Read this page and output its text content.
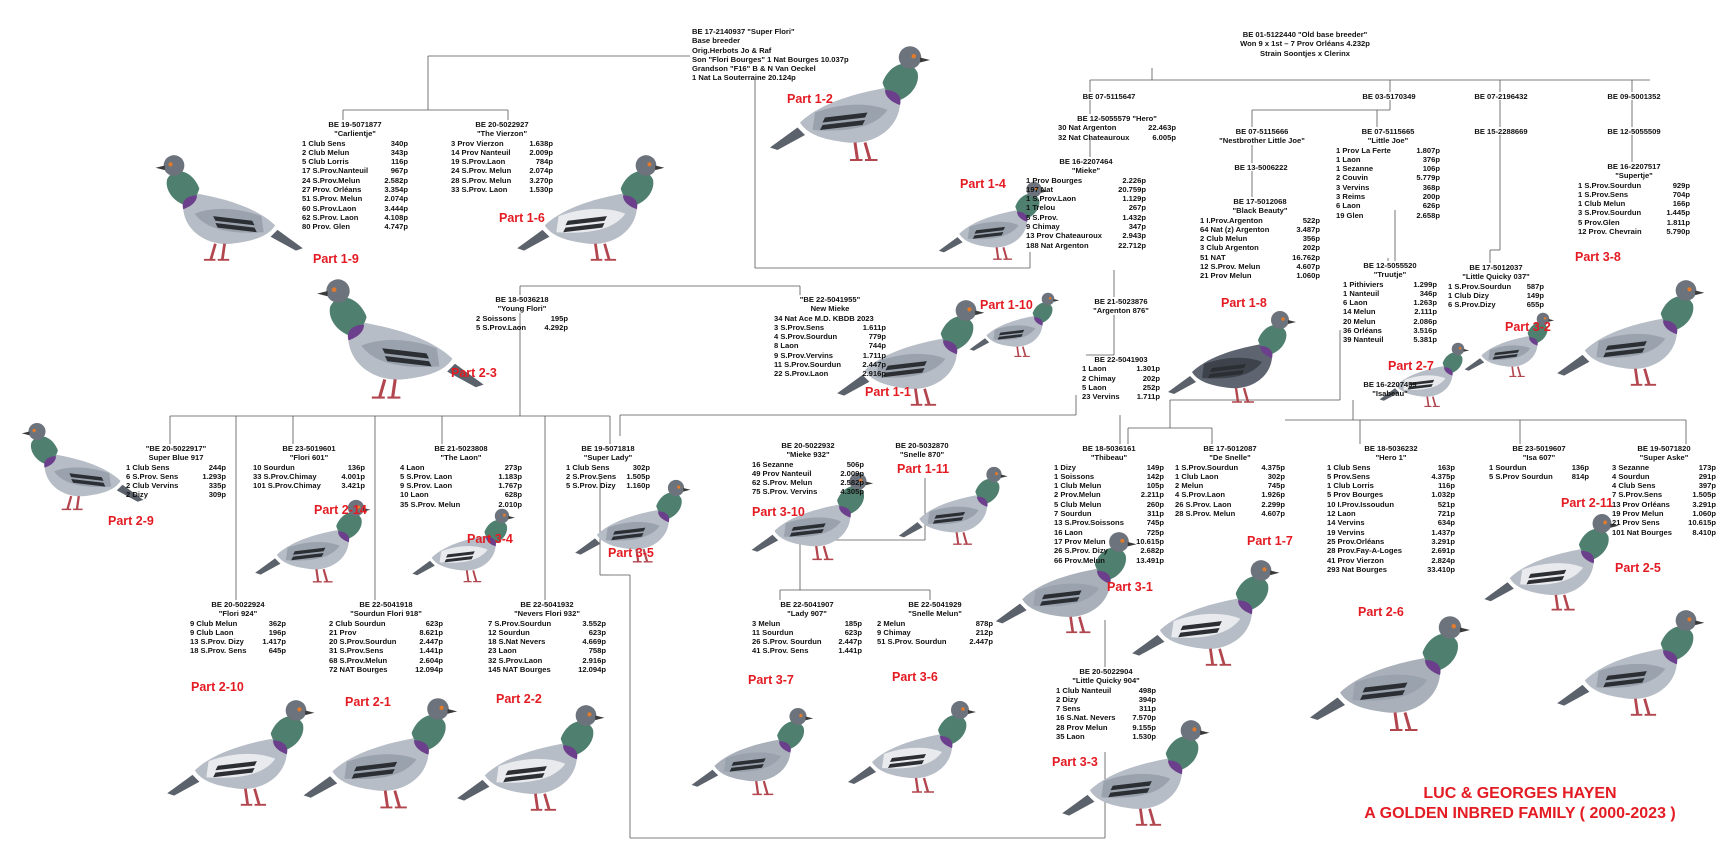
BE 17-2140937 "Super Flori"
Base breeder
Orig.Herbots Jo & Raf
Son "Flori Bourges" 1 Nat Bourges 10.037p
Grandson "F16" B & N Van Oeckel
1 Nat La Souterraine 20.124p
BE 01-5122440 "Old base breeder"
Won 9 x 1st – 7 Prov Orléans 4.232p
Strain Soontjes x Clerinx
BE 19-5071877
"Carlientje"
1 Club Sens	340p
2 Club Melun	343p
5 Club Lorris	116p
17 S.Prov.Nanteuil	967p
24 S.Prov.Melun	2.582p
27 Prov. Orléans	3.354p
51 S.Prov. Melun	2.074p
60 S.Prov.Laon	3.444p
62 S.Prov. Laon	4.108p
80 Prov. Glen	4.747p
BE 20-5022927
"The Vierzon"
3 Prov Vierzon	1.638p
14 Prov Nanteuil	2.009p
19 S.Prov.Laon	784p
24 S.Prov. Melun	2.074p
28 S.Prov. Melun	3.270p
33 S.Prov. Laon	1.530p
BE 07-5115647
BE 12-5055579 "Hero"
30 Nat Argenton	22.463p
32 Nat Chateauroux	6.005p
BE 16-2207464
"Mieke"
1 Prov Bourges	2.226p
197 Nat	20.759p
1 S.Prov.Laon	1.129p
1 Trelou	267p
5 S.Prov.	1.432p
9 Chimay	347p
13 Prov Chateauroux	2.943p
188 Nat Argenton	22.712p
BE 07-5115666
"Nestbrother Little Joe"
BE 13-5006222
BE 17-5012068
"Black Beauty"
1 I.Prov.Argenton	522p
64 Nat (z) Argenton	3.487p
2 Club Melun	356p
3 Club Argenton	202p
51 NAT	16.762p
12 S.Prov. Melun	4.607p
21 Prov Melun	1.060p
BE 03-5170349
BE 07-5115665
"Little Joe"
1 Prov La Ferte	1.807p
1 Laon	376p
1 Sezanne	106p
2 Couvin	5.779p
3 Vervins	368p
3 Reims	200p
6 Laon	626p
19 Glen	2.658p
BE 07-2196432
BE 15-2288669
BE 09-5001352
BE 12-5055509
BE 16-2207517
"Supertje"
1 S.Prov.Sourdun	929p
1 S.Prov.Sens	704p
1 Club Melun	166p
3 S.Prov.Sourdun	1.445p
5 Prov.Glen	1.811p
12 Prov. Chevrain	5.790p
BE 18-5036218
"Young Flori"
2 Soissons	195p
5 S.Prov.Laon	4.292p
"BE 22-5041955"
New Mieke
34 Nat Ace M.D. KBDB 2023
3 S.Prov.Sens	1.611p
4 S.Prov.Sourdun	779p
8 Laon	744p
9 S.Prov.Vervins	1.711p
11 S.Prov.Sourdun	2.447p
22 S.Prov.Laon	2.916p
BE 21-5023876
"Argenton 876"
BE 22-5041903
1 Laon	1.301p
2 Chimay	202p
5 Laon	252p
23 Vervins	1.711p
BE 12-5055520
"Truutje"
1 Pithiviers	1.299p
1 Nanteuil	346p
6 Laon	1.263p
14 Melun	2.111p
20 Melun	2.086p
36 Orléans	3.516p
39 Nanteuil	5.381p
BE 17-5012037
"Little Quicky 037"
1 S.Prov.Sourdun	587p
1 Club Dizy	149p
6 S.Prov.Dizy	655p
BE 16-2207459
"Isabeau"
"BE 20-5022917"
Super Blue 917
1 Club Sens	244p
6 S.Prov. Sens	1.293p
2 Club Vervins	335p
2 Dizy	309p
BE 23-5019601
"Flori 601"
10 Sourdun	136p
33 S.Prov.Chimay	4.001p
101 S.Prov.Chimay	3.421p
BE 21-5023808
"The Laon"
4 Laon	273p
5 S.Prov. Laon	1.183p
9 S.Prov. Laon	1.767p
10 Laon	628p
35 S.Prov. Melun	2.010p
BE 19-5071818
"Super Lady"
1 Club Sens	302p
2 S.Prov.Sens	1.505p
5 S.Prov. Dizy	1.160p
BE 20-5022932
"Mieke 932"
16 Sezanne	506p
49 Prov Nanteuil	2.009p
62 S.Prov. Melun	2.582p
75 S.Prov. Vervins	4.305p
BE 20-5032870
"Snelle 870"
BE 18-5036161
"Thibeau"
1 Dizy	149p
1 Soissons	142p
1 Club Melun	105p
2 Prov.Melun	2.211p
5 Club Melun	260p
7 Sourdun	311p
13 S.Prov.Soissons	745p
16 Laon	725p
17 Prov Melun	10.615p
26 S.Prov. Dizy	2.682p
66 Prov.Melun	13.491p
BE 17-5012087
"De Snelle"
1 S.Prov.Sourdun	4.375p
1 Club Laon	302p
2 Melun	745p
4 S.Prov.Laon	1.926p
26 S.Prov. Laon	2.299p
28 S.Prov. Melun	4.607p
BE 18-5036232
"Hero 1"
1 Club Sens	163p
5 Prov.Sens	4.375p
1 Club Lorris	116p
5 Prov Bourges	1.032p
10 I.Prov.Issoudun	521p
12 Laon	721p
14 Vervins	634p
19 Vervins	1.437p
25 Prov.Orléans	3.291p
28 Prov.Fay-A-Loges	2.691p
41 Prov Vierzon	2.824p
293 Nat Bourges	33.410p
BE 23-5019607
"Isa 607"
1 Sourdun	136p
5 S.Prov Sourdun	814p
BE 19-5071820
"Super Aske"
3 Sezanne	173p
4 Sourdun	291p
4 Club Sens	397p
7 S.Prov.Sens	1.505p
13 Prov Orléans	3.291p
19 Prov Melun	1.060p
21 Prov Sens	10.615p
101 Nat Bourges	8.410p
BE 20-5022924
"Flori 924"
9 Club Melun	362p
9 Club Laon	196p
13 S.Prov. Dizy	1.417p
18 S.Prov. Sens	645p
BE 22-5041918
"Sourdun Flori 918"
2 Club Sourdun	623p
21 Prov	8.621p
20 S.Prov.Sourdun	2.447p
31 S.Prov.Sens	1.441p
68 S.Prov.Melun	2.604p
72 NAT Bourges	12.094p
BE 22-5041932
"Nevers Flori 932"
7 S.Prov.Sourdun	3.552p
12 Sourdun	623p
18 S.Nat Nevers	4.669p
23 Laon	758p
32 S.Prov.Laon	2.916p
145 NAT Bourges	12.094p
BE 22-5041907
"Lady 907"
3 Melun	185p
11 Sourdun	623p
26 S.Prov. Sourdun	2.447p
41 S.Prov. Sens	1.441p
BE 22-5041929
"Snelle Melun"
2 Melun	878p
9 Chimay	212p
51 S.Prov. Sourdun	2.447p
BE 20-5022904
"Little Quicky 904"
1 Club Nanteuil	498p
2 Dizy	394p
7 Sens	311p
16 S.Nat. Nevers	7.570p
28 Prov Melun	9.155p
35 Laon	1.530p
Part 1-2
Part 1-9
Part 1-6
Part 1-4
Part 1-8
Part 3-8
Part 2-3
Part 1-10
Part 1-1
Part 3-2
Part 2-7
Part 2-9
Part 2-14
Part 3-4
Part 3-5
Part 3-10
Part 1-11
Part 3-1
Part 1-7
Part 2-6
Part 2-11
Part 2-5
Part 2-10
Part 2-1	Part 2-2
Part 3-7	Part 3-6
Part 3-3
LUC & GEORGES HAYEN
A GOLDEN INBRED FAMILY ( 2000-2023 )
